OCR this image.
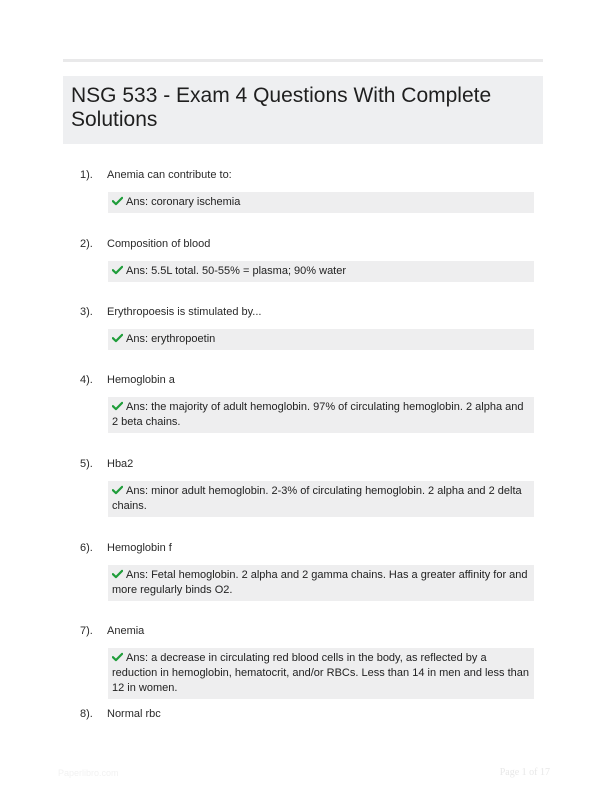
NSG 533 - Exam 4 Questions With Complete Solutions
1).	Anemia can contribute to:
Ans: coronary ischemia
2).	Composition of blood
Ans: 5.5L total. 50-55% = plasma; 90% water
3).	Erythropoesis is stimulated by...
Ans: erythropoetin
4).	Hemoglobin a
Ans: the majority of adult hemoglobin. 97% of circulating hemoglobin. 2 alpha and 2 beta chains.
5).	Hba2
Ans: minor adult hemoglobin. 2-3% of circulating hemoglobin. 2 alpha and 2 delta chains.
6).	Hemoglobin f
Ans: Fetal hemoglobin. 2 alpha and 2 gamma chains. Has a greater affinity for and more regularly binds O2.
7).	Anemia
Ans: a decrease in circulating red blood cells in the body, as reflected by a reduction in hemoglobin, hematocrit, and/or RBCs. Less than 14 in men and less than 12 in women.
8).	Normal rbc
Paperlibro.com	Page 1 of 17
